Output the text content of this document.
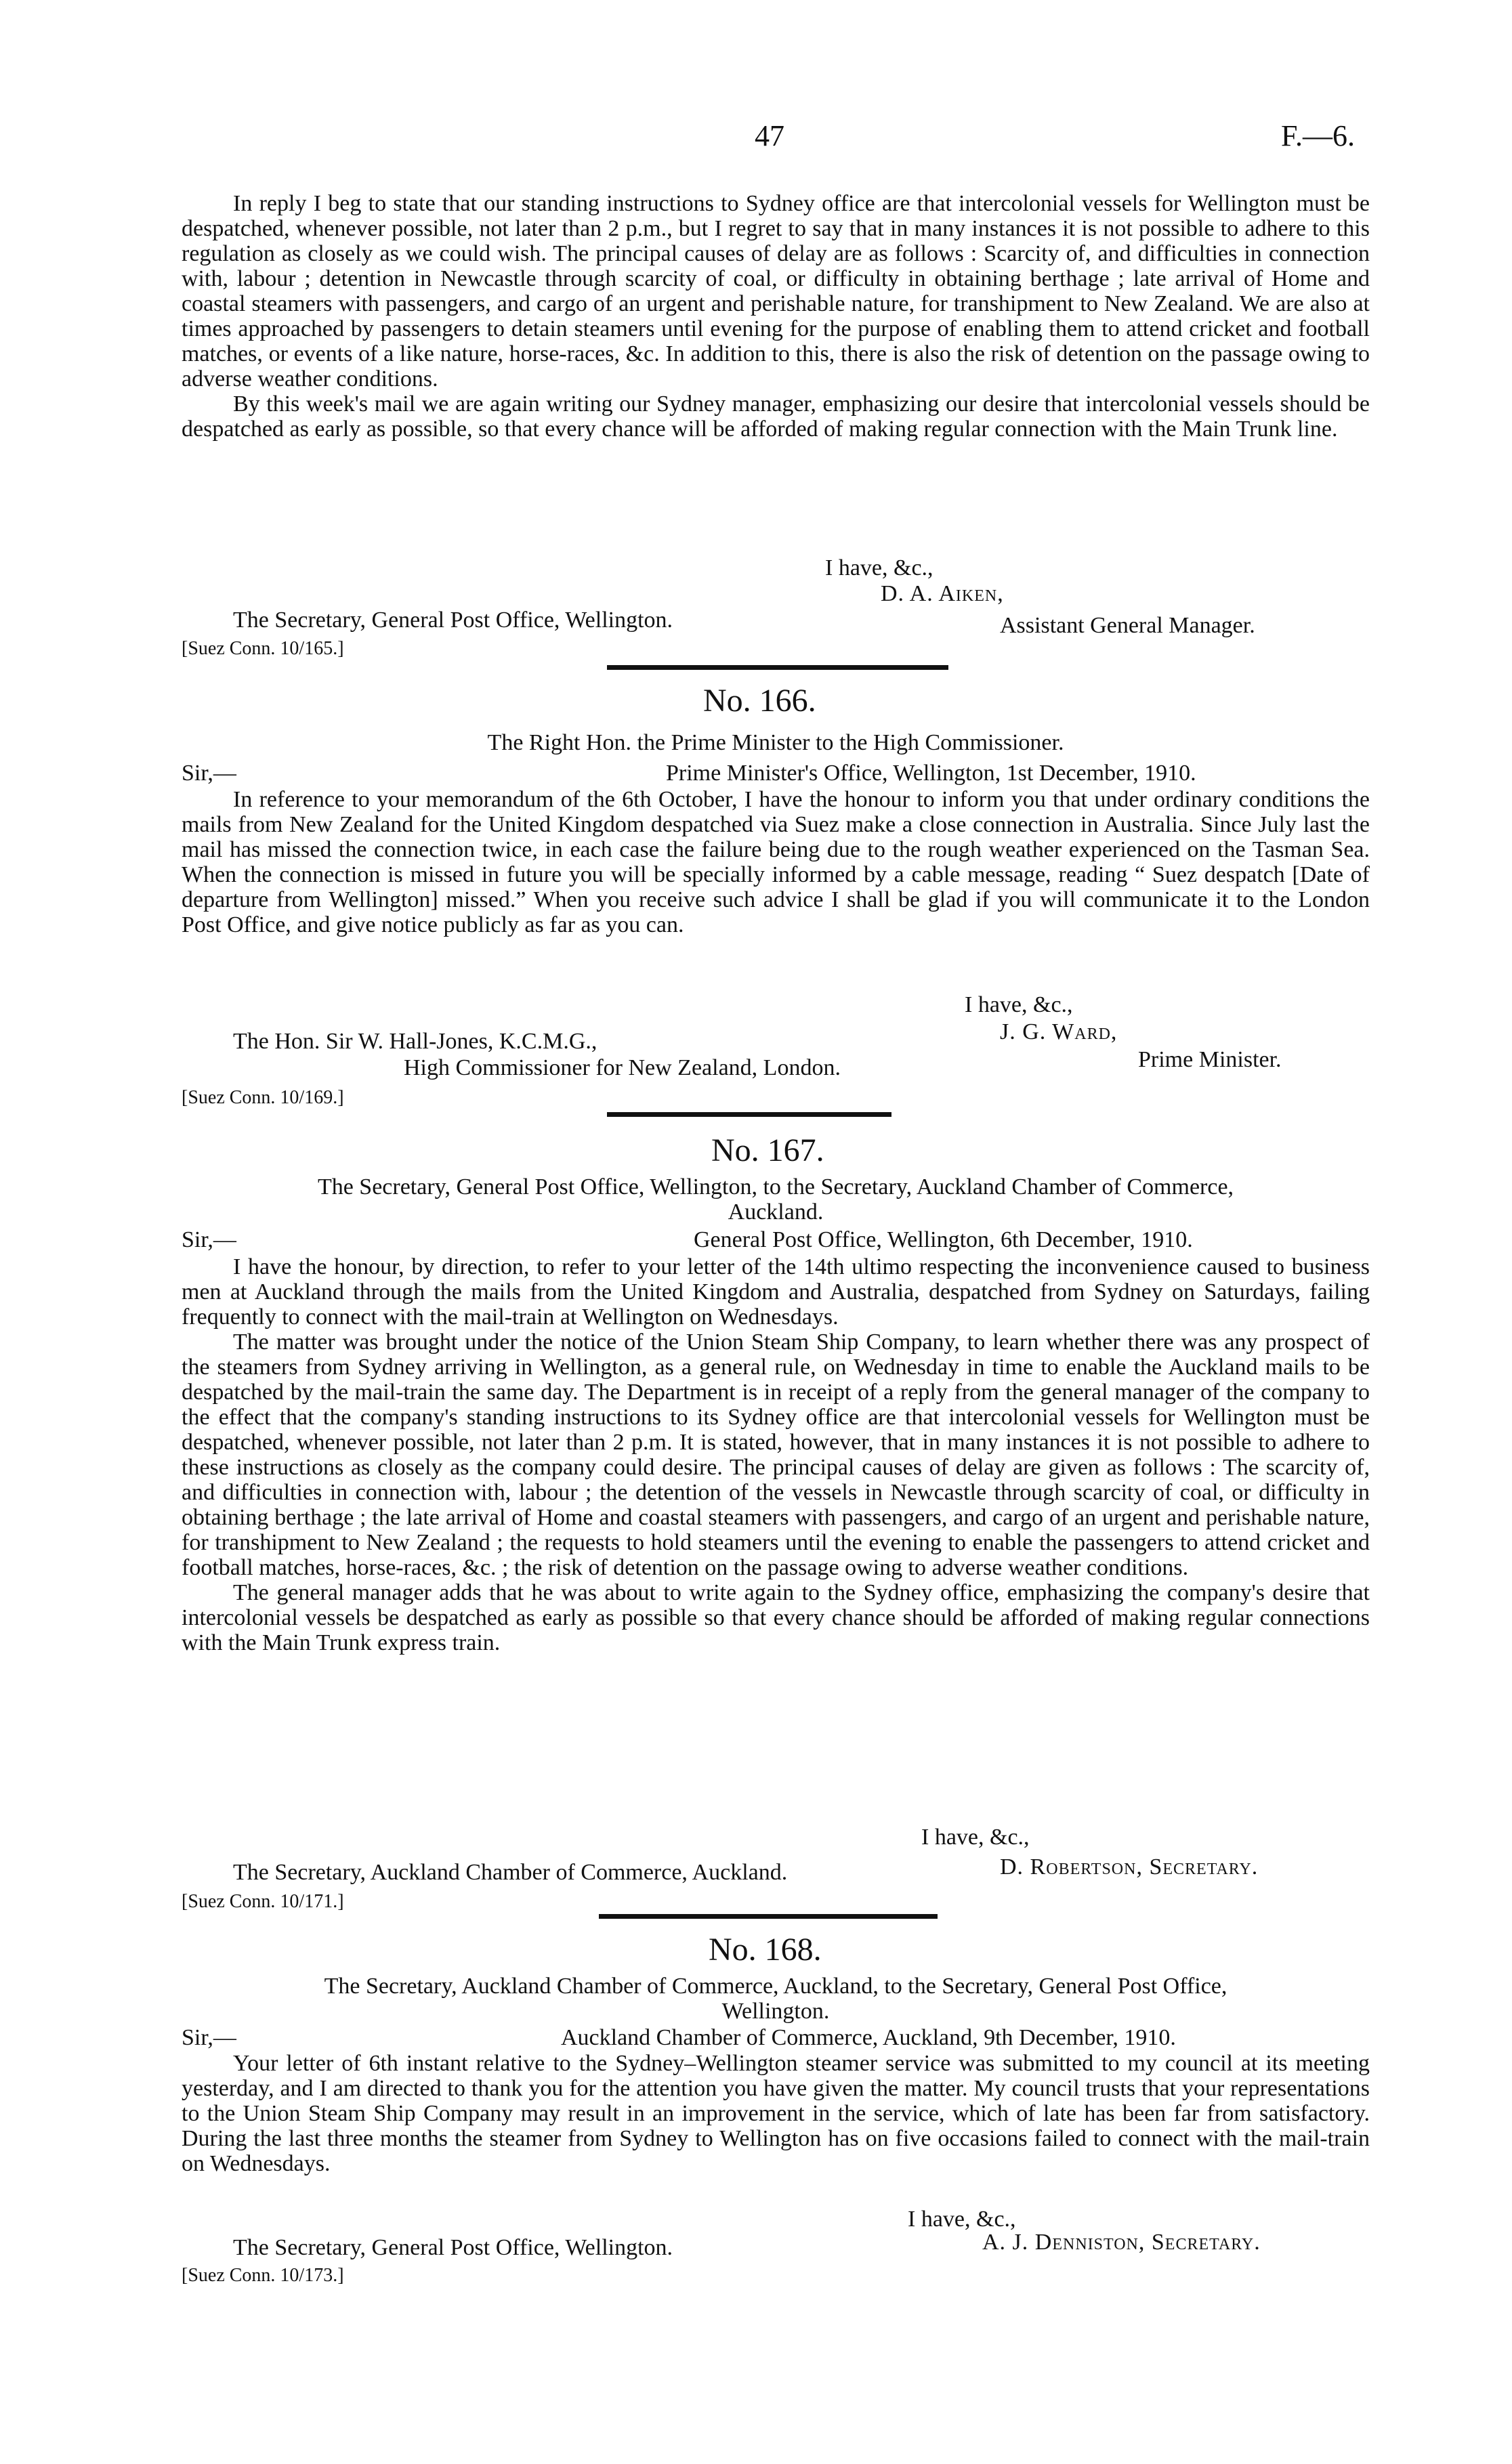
47	F.—6.

In reply I beg to state that our standing instructions to Sydney office are that intercolonial vessels for Wellington must be despatched, whenever possible, not later than 2 p.m., but I regret to say that in many instances it is not possible to adhere to this regulation as closely as we could wish. The principal causes of delay are as follows : Scarcity of, and difficulties in connection with, labour ; detention in Newcastle through scarcity of coal, or difficulty in obtaining berthage ; late arrival of Home and coastal steamers with passengers, and cargo of an urgent and perishable nature, for transhipment to New Zealand. We are also at times approached by passengers to detain steamers until evening for the purpose of enabling them to attend cricket and football matches, or events of a like nature, horse-races, &c. In addition to this, there is also the risk of detention on the passage owing to adverse weather conditions.

By this week's mail we are again writing our Sydney manager, emphasizing our desire that intercolonial vessels should be despatched as early as possible, so that every chance will be afforded of making regular connection with the Main Trunk line.

I have, &c.,
D. A. Aiken,
The Secretary, General Post Office, Wellington.	Assistant General Manager.
[Suez Conn. 10/165.]
No. 166.
The Right Hon. the Prime Minister to the High Commissioner.
Sir,—	Prime Minister's Office, Wellington, 1st December, 1910.

In reference to your memorandum of the 6th October, I have the honour to inform you that under ordinary conditions the mails from New Zealand for the United Kingdom despatched via Suez make a close connection in Australia. Since July last the mail has missed the connection twice, in each case the failure being due to the rough weather experienced on the Tasman Sea. When the connection is missed in future you will be specially informed by a cable message, reading “ Suez despatch [Date of departure from Wellington] missed.” When you receive such advice I shall be glad if you will communicate it to the London Post Office, and give notice publicly as far as you can.

I have, &c.,
J. G. Ward,
The Hon. Sir W. Hall-Jones, K.C.M.G.,
Prime Minister.
High Commissioner for New Zealand, London.
[Suez Conn. 10/169.]
No. 167.
The Secretary, General Post Office, Wellington, to the Secretary, Auckland Chamber of Commerce,
Auckland.
Sir,—	General Post Office, Wellington, 6th December, 1910.

I have the honour, by direction, to refer to your letter of the 14th ultimo respecting the inconvenience caused to business men at Auckland through the mails from the United Kingdom and Australia, despatched from Sydney on Saturdays, failing frequently to connect with the mail-train at Wellington on Wednesdays.

The matter was brought under the notice of the Union Steam Ship Company, to learn whether there was any prospect of the steamers from Sydney arriving in Wellington, as a general rule, on Wednesday in time to enable the Auckland mails to be despatched by the mail-train the same day. The Department is in receipt of a reply from the general manager of the company to the effect that the company's standing instructions to its Sydney office are that intercolonial vessels for Wellington must be despatched, whenever possible, not later than 2 p.m. It is stated, however, that in many instances it is not possible to adhere to these instructions as closely as the company could desire. The principal causes of delay are given as follows : The scarcity of, and difficulties in connection with, labour ; the detention of the vessels in Newcastle through scarcity of coal, or difficulty in obtaining berthage ; the late arrival of Home and coastal steamers with passengers, and cargo of an urgent and perishable nature, for transhipment to New Zealand ; the requests to hold steamers until the evening to enable the passengers to attend cricket and football matches, horse-races, &c. ; the risk of detention on the passage owing to adverse weather conditions.

The general manager adds that he was about to write again to the Sydney office, emphasizing the company's desire that intercolonial vessels be despatched as early as possible so that every chance should be afforded of making regular connections with the Main Trunk express train.

I have, &c.,
The Secretary, Auckland Chamber of Commerce, Auckland.	D. Robertson, Secretary.
[Suez Conn. 10/171.]
No. 168.
The Secretary, Auckland Chamber of Commerce, Auckland, to the Secretary, General Post Office,
Wellington.
Sir,—	Auckland Chamber of Commerce, Auckland, 9th December, 1910.

Your letter of 6th instant relative to the Sydney–Wellington steamer service was submitted to my council at its meeting yesterday, and I am directed to thank you for the attention you have given the matter. My council trusts that your representations to the Union Steam Ship Company may result in an improvement in the service, which of late has been far from satisfactory. During the last three months the steamer from Sydney to Wellington has on five occasions failed to connect with the mail-train on Wednesdays.

I have, &c.,
The Secretary, General Post Office, Wellington.	A. J. Denniston, Secretary.
[Suez Conn. 10/173.]
